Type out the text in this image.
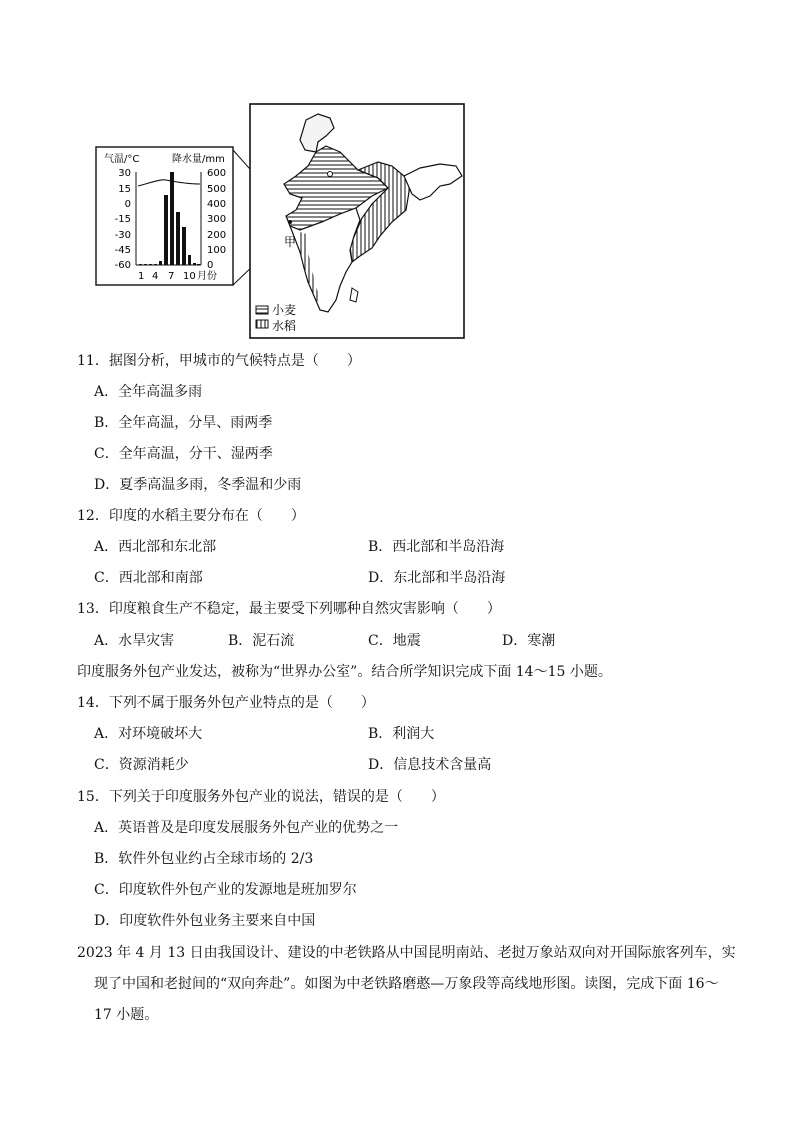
气温/°C	降水量/mm
30
15
0
-15
-30
-45
-60
600
500
400
300
200
100
0
1 4 7 10 月份
甲
小麦
水稻
11．据图分析，甲城市的气候特点是（　　）
A．全年高温多雨
B．全年高温，分旱、雨两季
C．全年高温，分干、湿两季
D．夏季高温多雨，冬季温和少雨
12．印度的水稻主要分布在（　　）
A．西北部和东北部	B．西北部和半岛沿海
C．西北部和南部	D．东北部和半岛沿海
13．印度粮食生产不稳定，最主要受下列哪种自然灾害影响（　　）
A．水旱灾害	B．泥石流	C．地震	D．寒潮
印度服务外包产业发达，被称为“世界办公室”。结合所学知识完成下面 14～15 小题。
14．下列不属于服务外包产业特点的是（　　）
A．对环境破坏大	B．利润大
C．资源消耗少	D．信息技术含量高
15．下列关于印度服务外包产业的说法，错误的是（　　）
A．英语普及是印度发展服务外包产业的优势之一
B．软件外包业约占全球市场的 2/3
C．印度软件外包产业的发源地是班加罗尔
D．印度软件外包业务主要来自中国
2023 年 4 月 13 日由我国设计、建设的中老铁路从中国昆明南站、老挝万象站双向对开国际旅客列车，实
现了中国和老挝间的“双向奔赴”。如图为中老铁路磨憨—万象段等高线地形图。读图，完成下面 16～
17 小题。
